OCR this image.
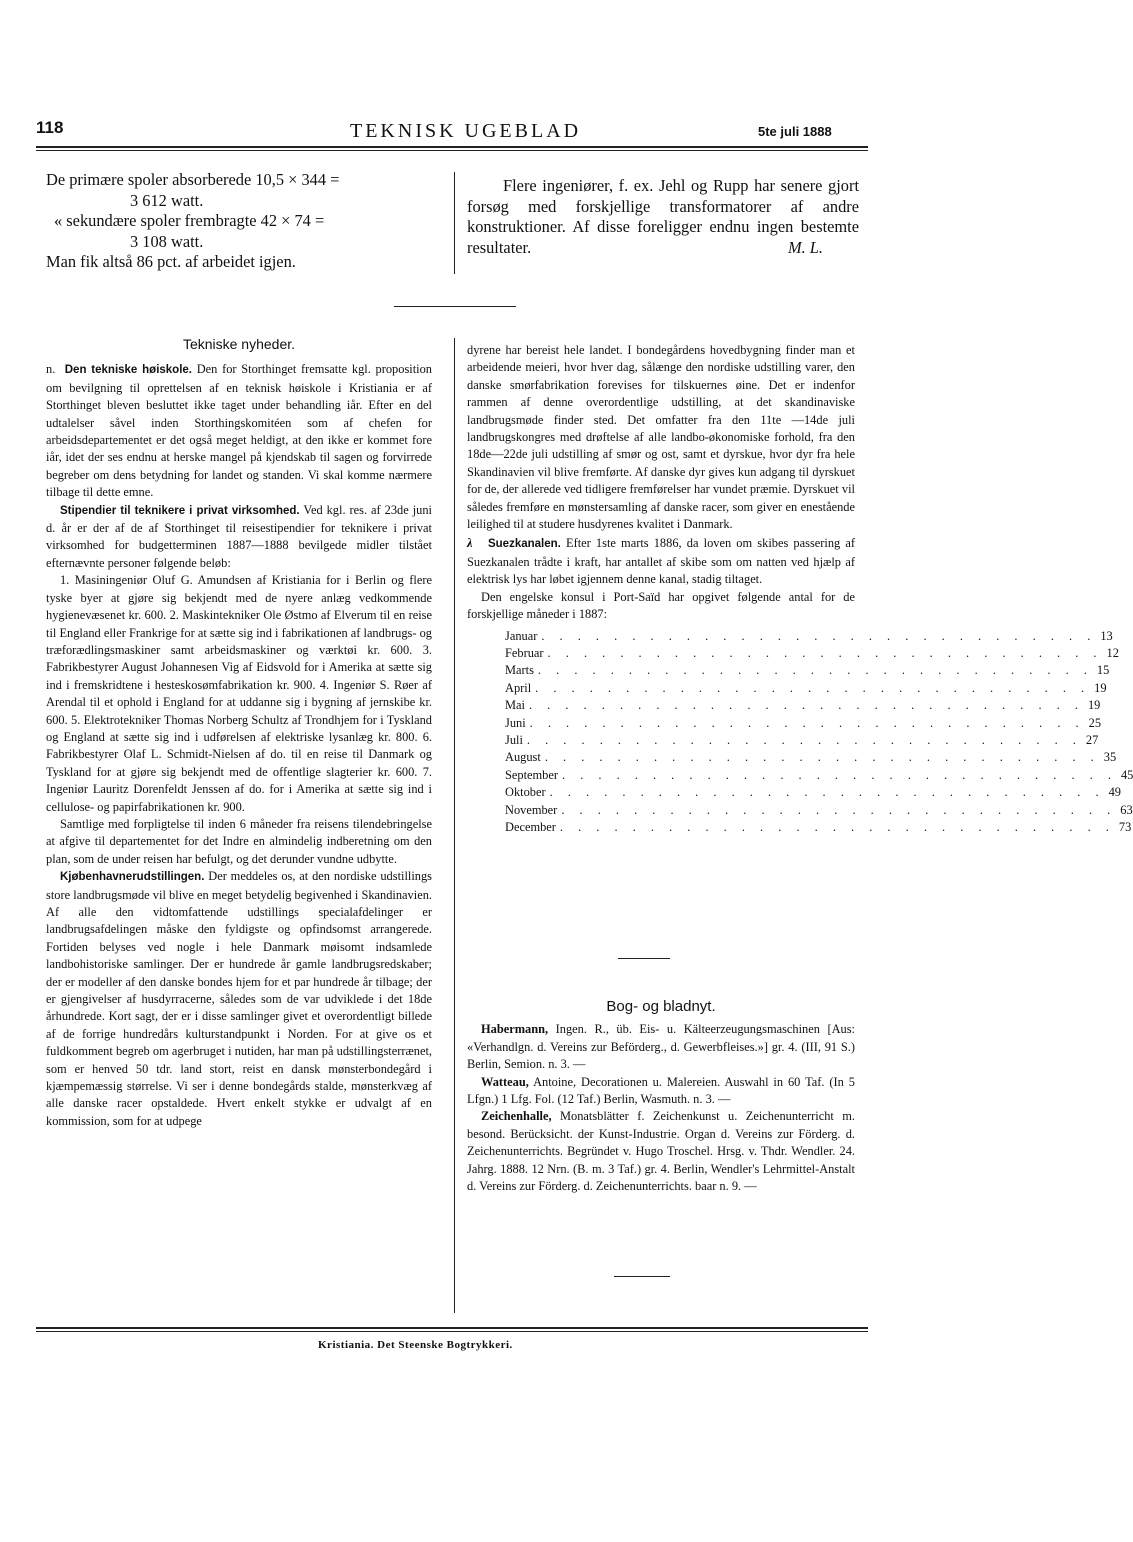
118	TEKNISK UGEBLAD	5te juli 1888
De primære spoler absorberede 10,5 × 344 =
3 612 watt.
« sekundære spoler frembragte 42 × 74 =
3 108 watt.
Man fik altså 86 pct. af arbeidet igjen.

Flere ingeniører, f. ex. Jehl og Rupp har senere gjort forsøg med forskjellige transformatorer af andre konstruktioner. Af disse foreligger endnu ingen bestemte resultater.	M. L.

Tekniske nyheder.

n. Den tekniske høiskole. Den for Storthinget fremsatte kgl. proposition om bevilgning til oprettelsen af en teknisk høiskole i Kristiania er af Storthinget bleven besluttet ikke taget under behandling iår. Efter en del udtalelser såvel inden Storthingskomitéen som af chefen for arbeidsdepartementet er det også meget heldigt, at den ikke er kommet fore iår, idet der ses endnu at herske mangel på kjendskab til sagen og forvirrede begreber om dens betydning for landet og standen. Vi skal komme nærmere tilbage til dette emne.

Stipendier til teknikere i privat virksomhed. Ved kgl. res. af 23de juni d. år er der af de af Storthinget til reisestipendier for teknikere i privat virksomhed for budgetterminen 1887—1888 bevilgede midler tilstået efternævnte personer følgende beløb:

1. Masiningeniør Oluf G. Amundsen af Kristiania for i Berlin og flere tyske byer at gjøre sig bekjendt med de nyere anlæg vedkommende hygienevæsenet kr. 600. 2. Maskintekniker Ole Østmo af Elverum til en reise til England eller Frankrige for at sætte sig ind i fabrikationen af landbrugs- og træforædlingsmaskiner samt arbeidsmaskiner og værktøi kr. 600. 3. Fabrikbestyrer August Johannesen Vig af Eidsvold for i Amerika at sætte sig ind i fremskridtene i hesteskosømfabrikation kr. 900. 4. Ingeniør S. Røer af Arendal til et ophold i England for at uddanne sig i bygning af jernskibe kr. 600. 5. Elektrotekniker Thomas Norberg Schultz af Trondhjem for i Tyskland og England at sætte sig ind i udførelsen af elektriske lysanlæg kr. 800. 6. Fabrikbestyrer Olaf L. Schmidt-Nielsen af do. til en reise til Danmark og Tyskland for at gjøre sig bekjendt med de offentlige slagterier kr. 600. 7. Ingeniør Lauritz Dorenfeldt Jenssen af do. for i Amerika at sætte sig ind i cellulose- og papirfabrikationen kr. 900.

Samtlige med forpligtelse til inden 6 måneder fra reisens tilendebringelse at afgive til departementet for det Indre en almindelig indberetning om den plan, som de under reisen har befulgt, og det derunder vundne udbytte.

Kjøbenhavnerudstillingen. Der meddeles os, at den nordiske udstillings store landbrugsmøde vil blive en meget betydelig begivenhed i Skandinavien. Af alle den vidtomfattende udstillings specialafdelinger er landbrugsafdelingen måske den fyldigste og opfindsomst arrangerede. Fortiden belyses ved nogle i hele Danmark møisomt indsamlede landbohistoriske samlinger. Der er hundrede år gamle landbrugsredskaber; der er modeller af den danske bondes hjem for et par hundrede år tilbage; der er gjengivelser af husdyrracerne, således som de var udviklede i det 18de århundrede. Kort sagt, der er i disse samlinger givet et overordentligt billede af de forrige hundredårs kulturstandpunkt i Norden. For at give os et fuldkomment begreb om agerbruget i nutiden, har man på udstillingsterrænet, som er henved 50 tdr. land stort, reist en dansk mønsterbondegård i kjæmpemæssig størrelse. Vi ser i denne bondegårds stalde, mønsterkvæg af alle danske racer opstaldede. Hvert enkelt stykke er udvalgt af en kommission, som for at udpege

dyrene har bereist hele landet. I bondegårdens hovedbygning finder man et arbeidende meieri, hvor hver dag, sålænge den nordiske udstilling varer, den danske smørfabrikation forevises for tilskuernes øine. Det er indenfor rammen af denne overordentlige udstilling, at det skandinaviske landbrugsmøde finder sted. Det omfatter fra den 11te —14de juli landbrugskongres med drøftelse af alle landbo-økonomiske forhold, fra den 18de—22de juli udstilling af smør og ost, samt et dyrskue, hvor dyr fra hele Skandinavien vil blive fremførte. Af danske dyr gives kun adgang til dyrskuet for de, der allerede ved tidligere fremførelser har vundet præmie. Dyrskuet vil således fremføre en mønstersamling af danske racer, som giver en enestående leilighed til at studere husdyrenes kvalitet i Danmark.

λ Suezkanalen. Efter 1ste marts 1886, da loven om skibes passering af Suezkanalen trådte i kraft, har antallet af skibe som om natten ved hjælp af elektrisk lys har løbet igjennem denne kanal, stadig tiltaget.

Den engelske konsul i Port-Saïd har opgivet følgende antal for de forskjellige måneder i 1887:

Januar . . . . . . . . . . . . . . . . . . . . . . . . . . . . . . . 13
Februar . . . . . . . . . . . . . . . . . . . . . . . . . . . . . . . 12
Marts . . . . . . . . . . . . . . . . . . . . . . . . . . . . . . . 15
April . . . . . . . . . . . . . . . . . . . . . . . . . . . . . . . 19
Mai . . . . . . . . . . . . . . . . . . . . . . . . . . . . . . . 19
Juni . . . . . . . . . . . . . . . . . . . . . . . . . . . . . . . 25
Juli . . . . . . . . . . . . . . . . . . . . . . . . . . . . . . . 27
August . . . . . . . . . . . . . . . . . . . . . . . . . . . . . . . 35
September . . . . . . . . . . . . . . . . . . . . . . . . . . . . . . . 45
Oktober . . . . . . . . . . . . . . . . . . . . . . . . . . . . . . . 49
November . . . . . . . . . . . . . . . . . . . . . . . . . . . . . . . 63
December . . . . . . . . . . . . . . . . . . . . . . . . . . . . . . . 73
Bog- og bladnyt.

Habermann, Ingen. R., üb. Eis- u. Kälteerzeugungsmaschinen [Aus: «Verhandlgn. d. Vereins zur Beförderg., d. Gewerbfleises.»] gr. 4. (III, 91 S.) Berlin, Semion. n. 3. —

Watteau, Antoine, Decorationen u. Malereien. Auswahl in 60 Taf. (In 5 Lfgn.) 1 Lfg. Fol. (12 Taf.) Berlin, Wasmuth. n. 3. —

Zeichenhalle, Monatsblätter f. Zeichenkunst u. Zeichenunterricht m. besond. Berücksicht. der Kunst-Industrie. Organ d. Vereins zur Förderg. d. Zeichenunterrichts. Begründet v. Hugo Troschel. Hrsg. v. Thdr. Wendler. 24. Jahrg. 1888. 12 Nrn. (B. m. 3 Taf.) gr. 4. Berlin, Wendler's Lehrmittel-Anstalt d. Vereins zur Förderg. d. Zeichenunterrichts. baar n. 9. —

Kristiania. Det Steenske Bogtrykkeri.
